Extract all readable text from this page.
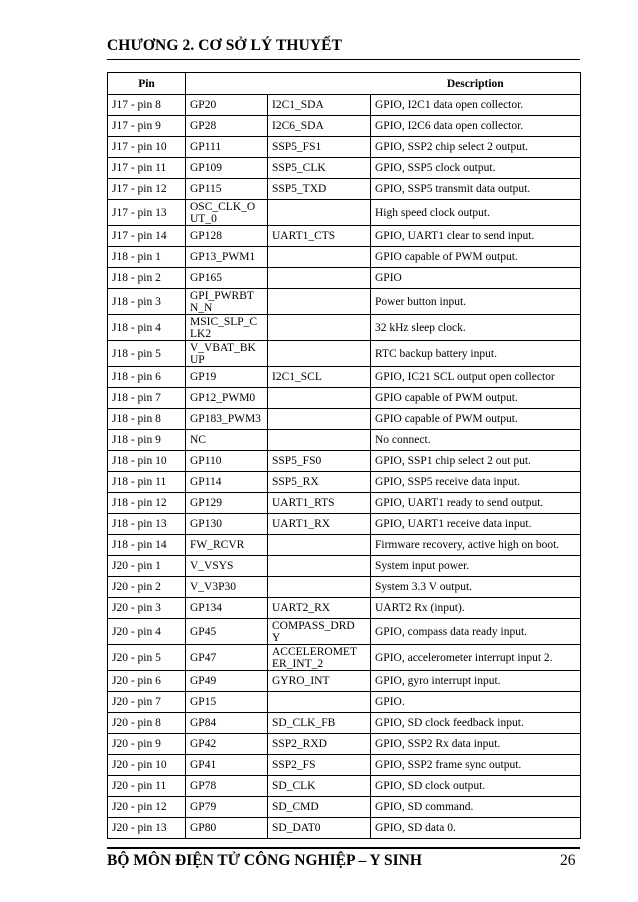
CHƯƠNG 2. CƠ SỞ LÝ THUYẾT
Pin			Description
J17 - pin 8	GP20	I2C1_SDA	GPIO, I2C1 data open collector.
J17 - pin 9	GP28	I2C6_SDA	GPIO, I2C6 data open collector.
J17 - pin 10	GP111	SSP5_FS1	GPIO, SSP2 chip select 2 output.
J17 - pin 11	GP109	SSP5_CLK	GPIO, SSP5 clock output.
J17 - pin 12	GP115	SSP5_TXD	GPIO, SSP5 transmit data output.
J17 - pin 13	OSC_CLK_O
UT_0		High speed clock output.
J17 - pin 14	GP128	UART1_CTS	GPIO, UART1 clear to send input.
J18 - pin 1	GP13_PWM1		GPIO capable of PWM output.
J18 - pin 2	GP165		GPIO
J18 - pin 3	GPI_PWRBT
N_N		Power button input.
J18 - pin 4	MSIC_SLP_C
LK2		32 kHz sleep clock.
J18 - pin 5	V_VBAT_BK
UP		RTC backup battery input.
J18 - pin 6	GP19	I2C1_SCL	GPIO, IC21 SCL output open collector
J18 - pin 7	GP12_PWM0		GPIO capable of PWM output.
J18 - pin 8	GP183_PWM3		GPIO capable of PWM output.
J18 - pin 9	NC		No connect.
J18 - pin 10	GP110	SSP5_FS0	GPIO, SSP1 chip select 2 out put.
J18 - pin 11	GP114	SSP5_RX	GPIO, SSP5 receive data input.
J18 - pin 12	GP129	UART1_RTS	GPIO, UART1 ready to send output.
J18 - pin 13	GP130	UART1_RX	GPIO, UART1 receive data input.
J18 - pin 14	FW_RCVR		Firmware recovery, active high on boot.
J20 - pin 1	V_VSYS		System input power.
J20 - pin 2	V_V3P30		System 3.3 V output.
J20 - pin 3	GP134	UART2_RX	UART2 Rx (input).
J20 - pin 4	GP45	COMPASS_DRD
Y	GPIO, compass data ready input.
J20 - pin 5	GP47	ACCELEROMET
ER_INT_2	GPIO, accelerometer interrupt input 2.
J20 - pin 6	GP49	GYRO_INT	GPIO, gyro interrupt input.
J20 - pin 7	GP15		GPIO.
J20 - pin 8	GP84	SD_CLK_FB	GPIO, SD clock feedback input.
J20 - pin 9	GP42	SSP2_RXD	GPIO, SSP2 Rx data input.
J20 - pin 10	GP41	SSP2_FS	GPIO, SSP2 frame sync output.
J20 - pin 11	GP78	SD_CLK	GPIO, SD clock output.
J20 - pin 12	GP79	SD_CMD	GPIO, SD command.
J20 - pin 13	GP80	SD_DAT0	GPIO, SD data 0.
BỘ MÔN ĐIỆN TỬ CÔNG NGHIỆP – Y SINH	26
